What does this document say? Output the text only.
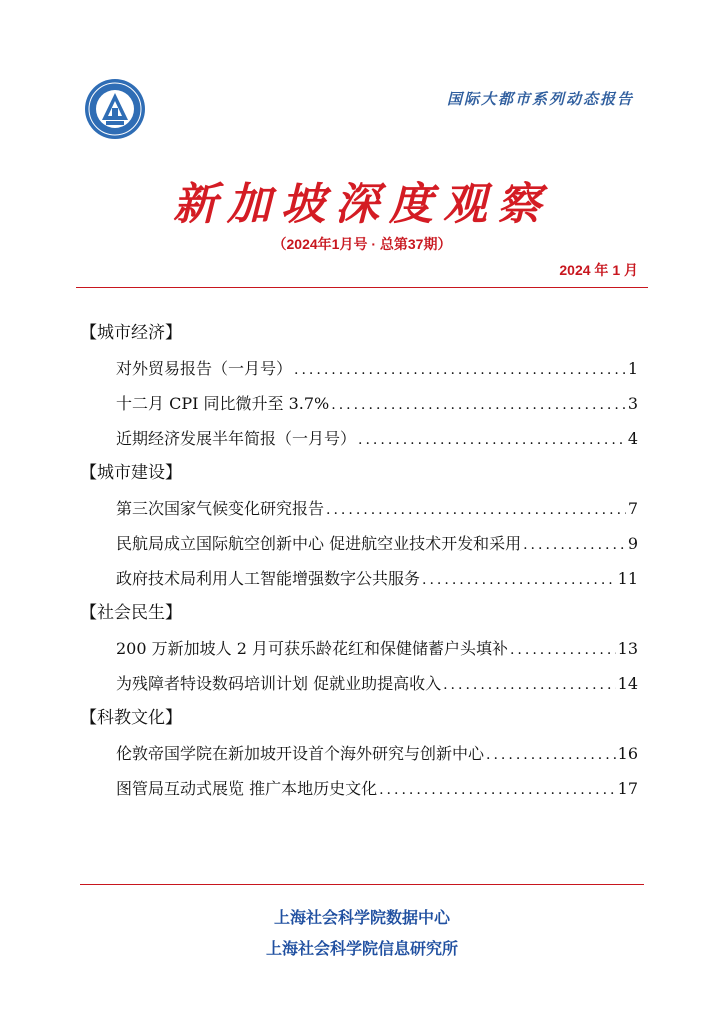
国际大都市系列动态报告
新加坡深度观察
（2024年1月号 · 总第37期）
2024 年 1 月
【城市经济】
对外贸易报告（一月号） .....	1
十二月 CPI 同比微升至 3.7% .....	3
近期经济发展半年简报（一月号） .....	4
【城市建设】
第三次国家气候变化研究报告 .....	7
民航局成立国际航空创新中心 促进航空业技术开发和采用 .....	9
政府技术局利用人工智能增强数字公共服务 .....	11
【社会民生】
200 万新加坡人 2 月可获乐龄花红和保健储蓄户头填补 .....	13
为残障者特设数码培训计划 促就业助提高收入 .....	14
【科教文化】
伦敦帝国学院在新加坡开设首个海外研究与创新中心 .....	16
图管局互动式展览 推广本地历史文化 .....	17
上海社会科学院数据中心
上海社会科学院信息研究所
